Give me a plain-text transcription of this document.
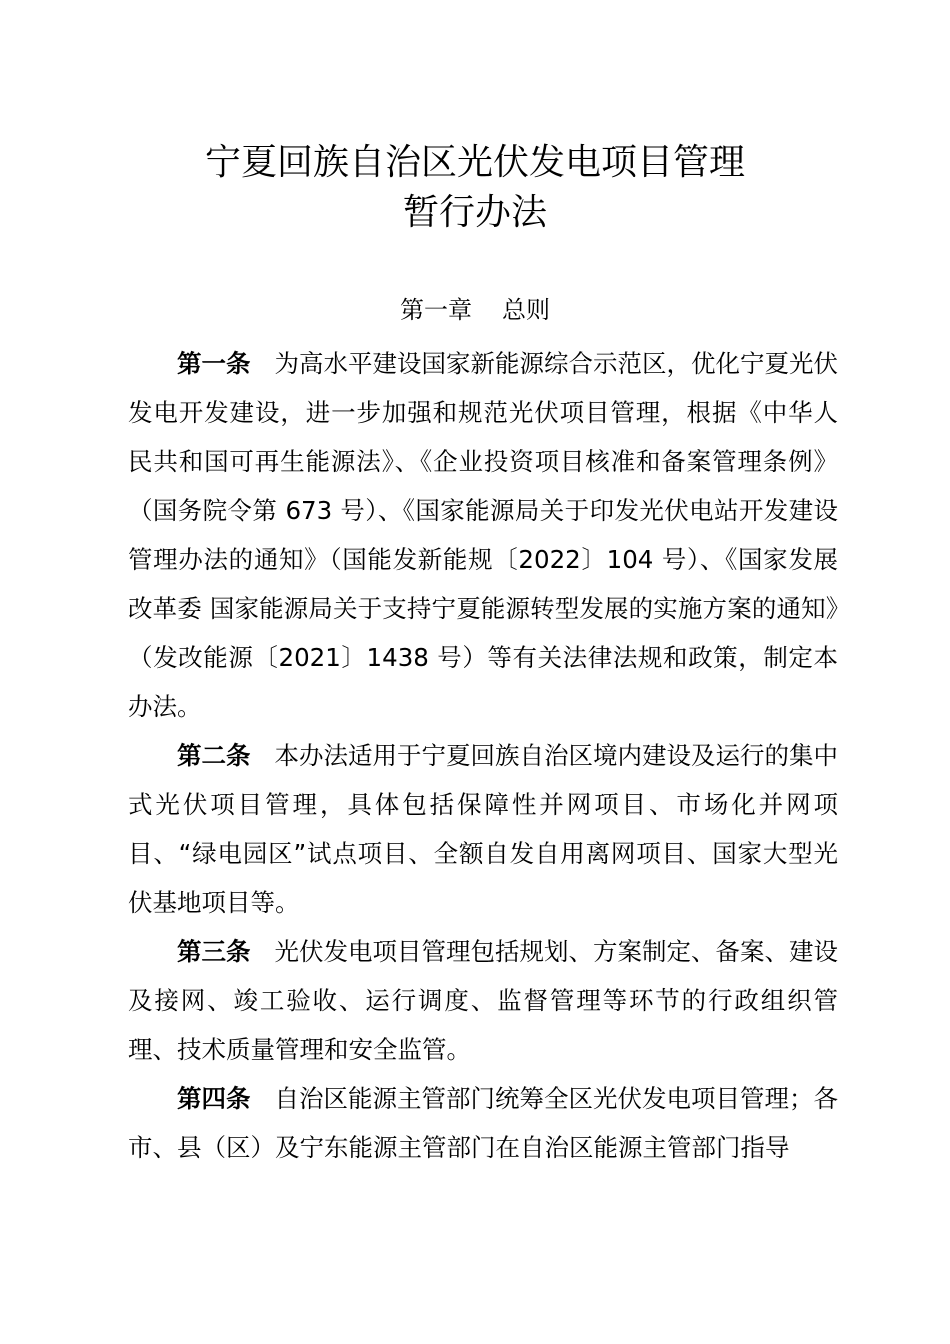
宁夏回族自治区光伏发电项目管理
暂行办法
第一章 总则

第一条 为高水平建设国家新能源综合示范区，优化宁夏光伏发电开发建设，进一步加强和规范光伏项目管理，根据《中华人民共和国可再生能源法》、《企业投资项目核准和备案管理条例》（国务院令第 673 号）、《国家能源局关于印发光伏电站开发建设管理办法的通知》（国能发新能规〔2022〕104 号）、《国家发展改革委 国家能源局关于支持宁夏能源转型发展的实施方案的通知》（发改能源〔2021〕1438 号）等有关法律法规和政策，制定本办法。

第二条 本办法适用于宁夏回族自治区境内建设及运行的集中式光伏项目管理，具体包括保障性并网项目、市场化并网项目、“绿电园区”试点项目、全额自发自用离网项目、国家大型光伏基地项目等。

第三条 光伏发电项目管理包括规划、方案制定、备案、建设及接网、竣工验收、运行调度、监督管理等环节的行政组织管理、技术质量管理和安全监管。

第四条 自治区能源主管部门统筹全区光伏发电项目管理；各市、县（区）及宁东能源主管部门在自治区能源主管部门指导
